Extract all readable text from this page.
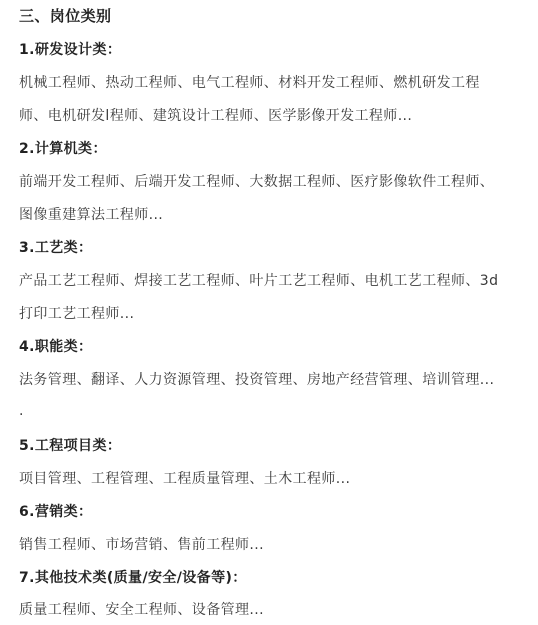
三、岗位类别
1.研发设计类：
机械工程师、热动工程师、电气工程师、材料开发工程师、燃机研发工程
师、电机研发l程师、建筑设计工程师、医学影像开发工程师...
2.计算机类：
前端开发工程师、后端开发工程师、大数据工程师、医疗影像软件工程师、
图像重建算法工程师...
3.工艺类：
产品工艺工程师、焊接工艺工程师、叶片工艺工程师、电机工艺工程师、3d
打印工艺工程师...
4.职能类：
法务管理、翻译、人力资源管理、投资管理、房地产经营管理、培训管理...
.
5.工程项目类：
项目管理、工程管理、工程质量管理、土木工程师...
6.营销类：
销售工程师、市场营销、售前工程师...
7.其他技术类(质量/安全/设备等)：
质量工程师、安全工程师、设备管理...
